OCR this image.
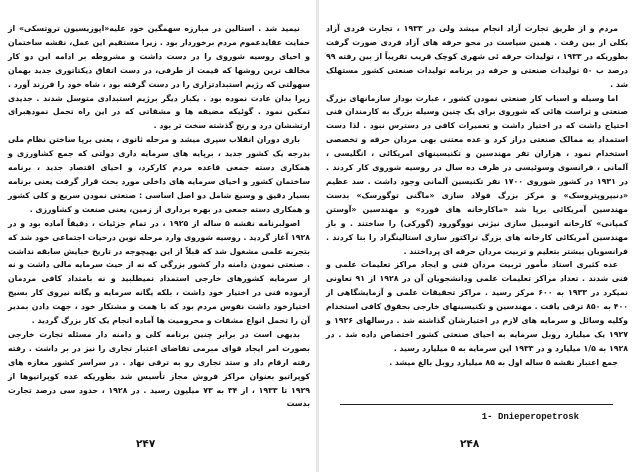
نیمید شد . استالین در مبارزه سهمگین خود علیه«اپوزیسیون تروتسکی» از حمایت عقایدعموم مردم برخوردار بود . زیرا مستقیم این عمل، نقشه ساختمان و احیای روسیه شوروی را در دست داشت و مشروطه بر ادامه این دو کار مخالف ترین روشها که قیمت از طرفی، در دست اتفاق دیکتاتوری جدید بهمان سهولتی که رژیم استبدادتزاری را در دست گرفته بود ، شاه خود را فرزند آورد . زیرا بدان عادت نموده بود . یکبار دیگر برژیم استبدادی متوسل شدند . جدیدی تمکین نمود . گوئیکه مضیقه ها و مشقاتی که در این راه تحمل نمودهبرای ارتششان درد و رنج گذشته سخت تر بود .

باری دوران انقلاب سپری میشد و مرحله ثانوی ، یعنی برپا ساختن نظام ملی بدرجه یک کشور جدید ، برپایه های سرمایه داری دولتی که جمع کشاورزی و همکاری دسته جمعی قاعده مردم کارکرد، و احیای اقتصاد جدید ، برنامه ساختمان کشور و احیای سرمایه های داخلی مورد بحث قرار گرفت یعنی برنامه بسیار دقیق و وسیع شامل دو اصل اساسی : صنعتی نمودن سریع و کلی کشور و همکاری دسته جمعی در بهره برداری از زمین، یعنی صنعت و کشاورزی .

اصولبرنامه نقشه ۵ ساله از ۱۹۲۵ ، در تمام جزئیات ، دقیقاً آماده بود و در ۱۹۲۸ آغاز گردید . روسیه شوروی وارد مرحله نوین درحیات اجتماعی خود شد که بتجربه علمی مشغول شد که قبلاً از این بهیچوجه در تاریخ خبایش سابقه نداشت . صنعتی نمودن دامنه دار کشور بزرگی که نه از حیث سرمایه مالی داشت و نه از سرمایه کشورهای خارجی استمداد نمیطلبید و نه بامتداد کافی مردمان آزموده فنی در اختیار خود داشت ، بلکه یگانه سرمایه و یگانه نیروی کار بسیج اختیارخود داشت نفوس مردم بود که با همت و مشتکار خود ، جهت دادن بمدیر آن را تحمل انواع مشقات و محرومیت ها آماده انجام یک کار بزرگ گردید .

بدیهی است در برابر چنین برنامه کلی و دامنه دار مسئله تجارت خارجی بصورت امر ایجاد قوای مبرمی تقاضای اعتبار تجاری را نیز در بر داشت . رفته رفته ارقام داد و ستد تجاری رو به ترقی نهاد . در سراسر کشور مغازه های کوپراتیو بعنوان مراکز فروش مجاز تأسیس شد بطوریکه عده کوپراتیوها از ۱۹۲۹ تا ۱۹۳۳ ، از ۳۴ به ۷۳ میلیون رسید . در ۱۹۲۸ ، حدود سی درصد تجارت بدست

مردم و از طریق تجارت آزاد انجام میشد ولی در ۱۹۳۳ ، تجارت فردی آزاد بکلی از بین رفت . همین سیاست در محو حرفه های آزاد فردی صورت گرفت بطوریکه در ۱۹۳۳ ، تولیدات حرفه ئی شهری کوچک قریب تقریباً از بین رفته ۹۹ درصد ب ۵۰ تولیدات صنعتی و حرفه در برنامه تولیدات صنعتی کشور مستهلک شد .

اما وسیله و اسباب کار صنعتی نمودن کشور ، عبارت بوداز سازمانهای بزرگ صنعتی و تراست هائی که شوروی برای یک چنین وسیله بزرگ به کارمندان فنی احتیاج داشت که در اختیار داشت و تعمیرات کافی در دسترس نبود . لذا دست استمداد به ممالک صنعتی دراز کرد و عده معتنی بهی مردان حرفه و تخصصی استخدام نمود ، هزاران تفر مهندسین و تکنیسینهای امریکائی ، انگلیسی ، آلمانی ، فرانسوی وسوئیسی در ظرف ده سال در روسیه شوروی کار کردند . در ۱۹۳۱ در کشور شوروی ۱۷۰۰ نفر تکنیسین آلمانی وجود داشت . سد عظیم «دنیپروپتروسک» و مرکز بزرگ فولاد سازی «ماگنی توگورسک» بدست مهندسین آمریکائی برپا شد «ماکارخانه های فورد» و مهندسین «آوستن کمپانی» کارخانه اتومبیل سازی نیژنی نووگورود (گورکی) را ساختند . و باز مهندسین آمریکائی کارخانه های بزرگ تراکتور سازی استالینگراد را بنا کردند . فرانسویان بیشتر بتعلیم و تربیت مردان حرفه ای پرداختند .

عده کثیری استاد مأمور تربیت مردان فنی و ایجاد مراکز تعلیمات علمی و فنی شدند . تعداد مراکز تعلیمات علمی ودانشجویان آن در ۱۹۲۸ از ۹۱ تعاونی نمیکرد در ۱۹۳۳ به ۶۰۰ مرکز رسید . مراکز تحقیقات علمی و آزمایشگاهی از ۴۰۰ به ۸۵۰ ترقی یافت . مهندسین و تکنیسینهای خارجی بحقوق کافی استخدام وکلیه وسائل و سرمایه های لازم در اختیارشان گذاشته شد . درسالهای ۱۹۲۶ و ۱۹۲۷ یک میلیارد روبل سرمایه به احیای صنعتی کشور اختصاص داده شد . در ۱۹۲۸ به ۱/۵ میلیارد و در ۱۹۳۳ این سرمایه به ۵ میلیارد رسید .

جمع اعتبار نقشه ۵ ساله اول به ۸۵ میلیارد روبل بالغ میشد .

1- Dnieperopetrosk
۲۴۷	۲۴۸
